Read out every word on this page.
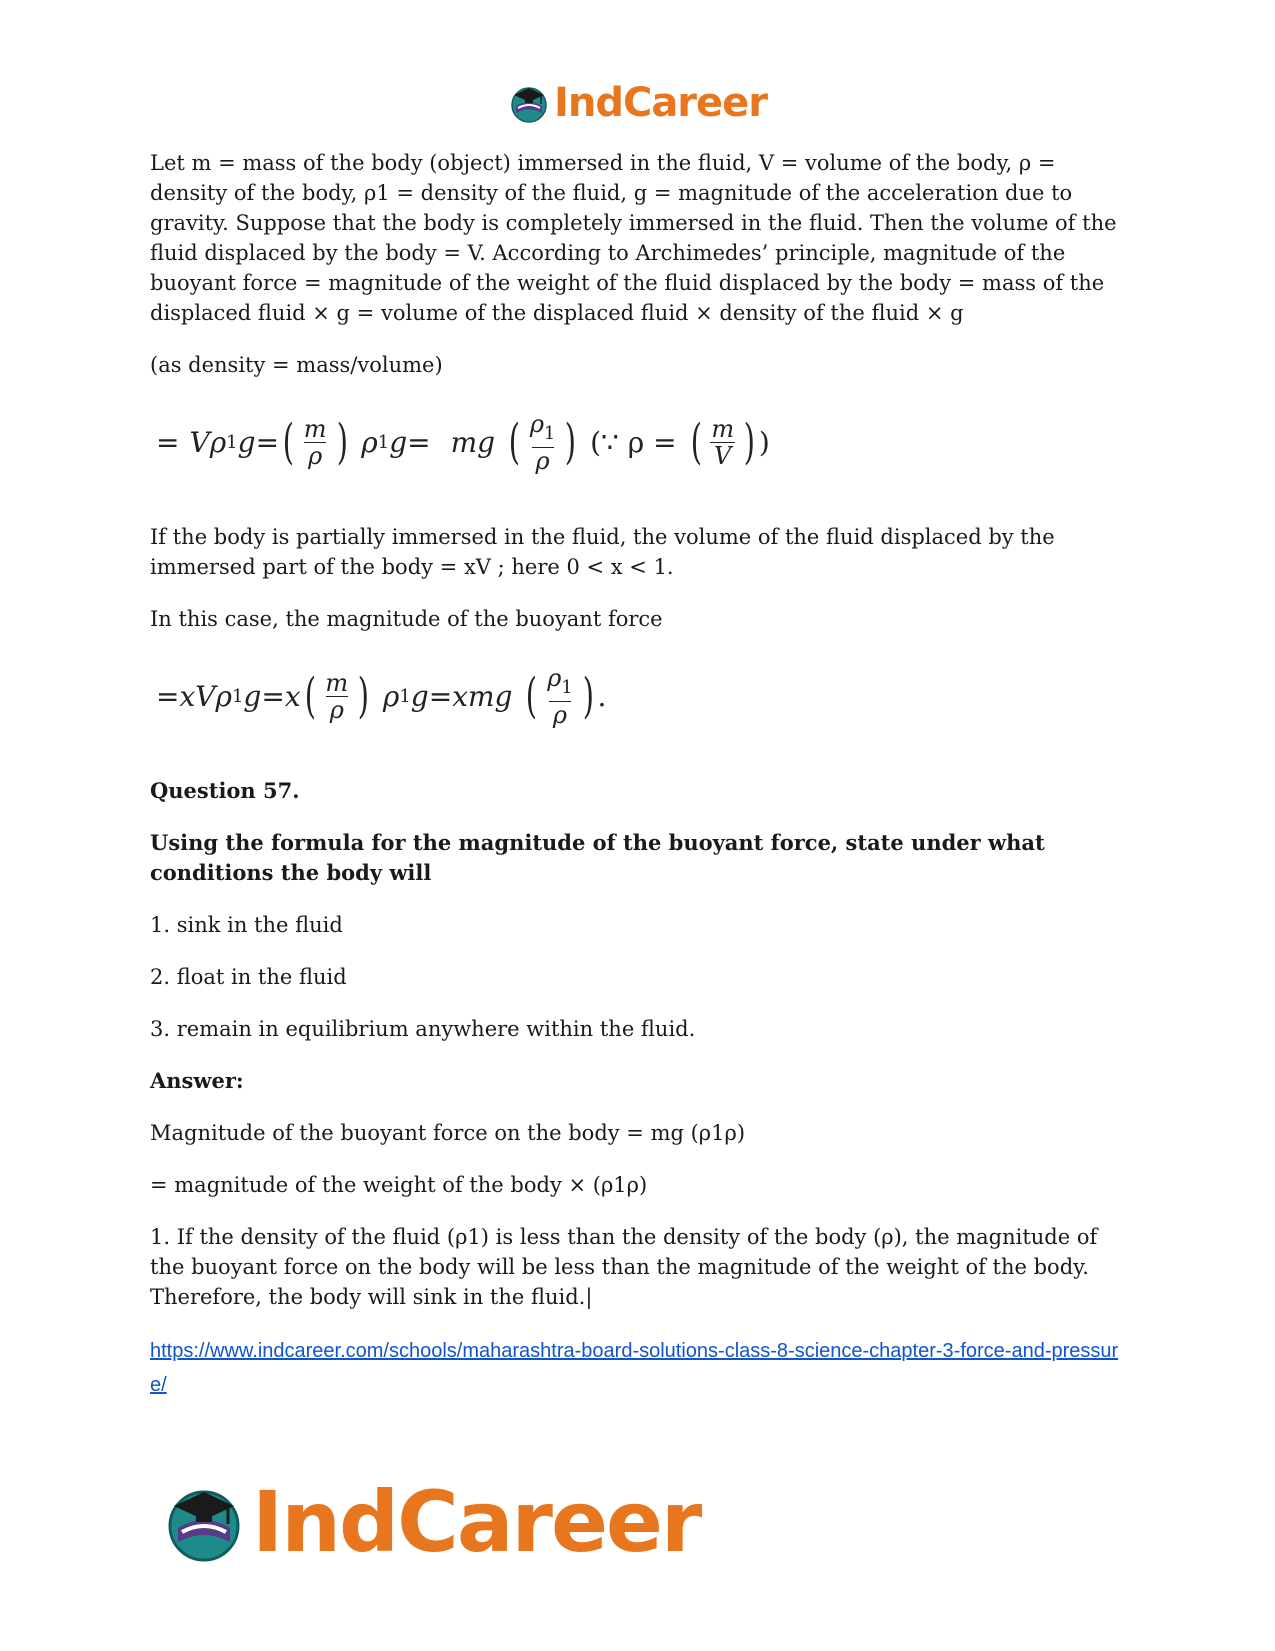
IndCareer

Let m = mass of the body (object) immersed in the fluid, V = volume of the body, ρ = density of the body, ρ1 = density of the fluid, g = magnitude of the acceleration due to gravity. Suppose that the body is completely immersed in the fluid. Then the volume of the fluid displaced by the body = V. According to Archimedes’ principle, magnitude of the buoyant force = magnitude of the weight of the fluid displaced by the body = mass of the displaced fluid × g = volume of the displaced fluid × density of the fluid × g

(as density = mass/volume)

= V ρ 1 g = ( $\frac{m}{\rho}$ ) ρ 1 g = mg ( $\frac{\rho_1}{\rho}$ ) (∵ ρ = ( $\frac{m}{V}$ ) )

If the body is partially immersed in the fluid, the volume of the fluid displaced by the immersed part of the body = xV ; here 0 < x < 1.

In this case, the magnitude of the buoyant force

= x V ρ 1 g = x ( $\frac{m}{\rho}$ ) ρ 1 g = xmg ( $\frac{\rho_1}{\rho}$ ) .

Question 57.

Using the formula for the magnitude of the buoyant force, state under what conditions the body will

1. sink in the fluid

2. float in the fluid

3. remain in equilibrium anywhere within the fluid.

Answer:

Magnitude of the buoyant force on the body = mg (ρ1ρ)

= magnitude of the weight of the body × (ρ1ρ)

1. If the density of the fluid (ρ1) is less than the density of the body (ρ), the magnitude of the buoyant force on the body will be less than the magnitude of the weight of the body. Therefore, the body will sink in the fluid.|

https://www.indcareer.com/schools/maharashtra-board-solutions-class-8-science-chapter-3-force-and-pressure/
IndCareer
